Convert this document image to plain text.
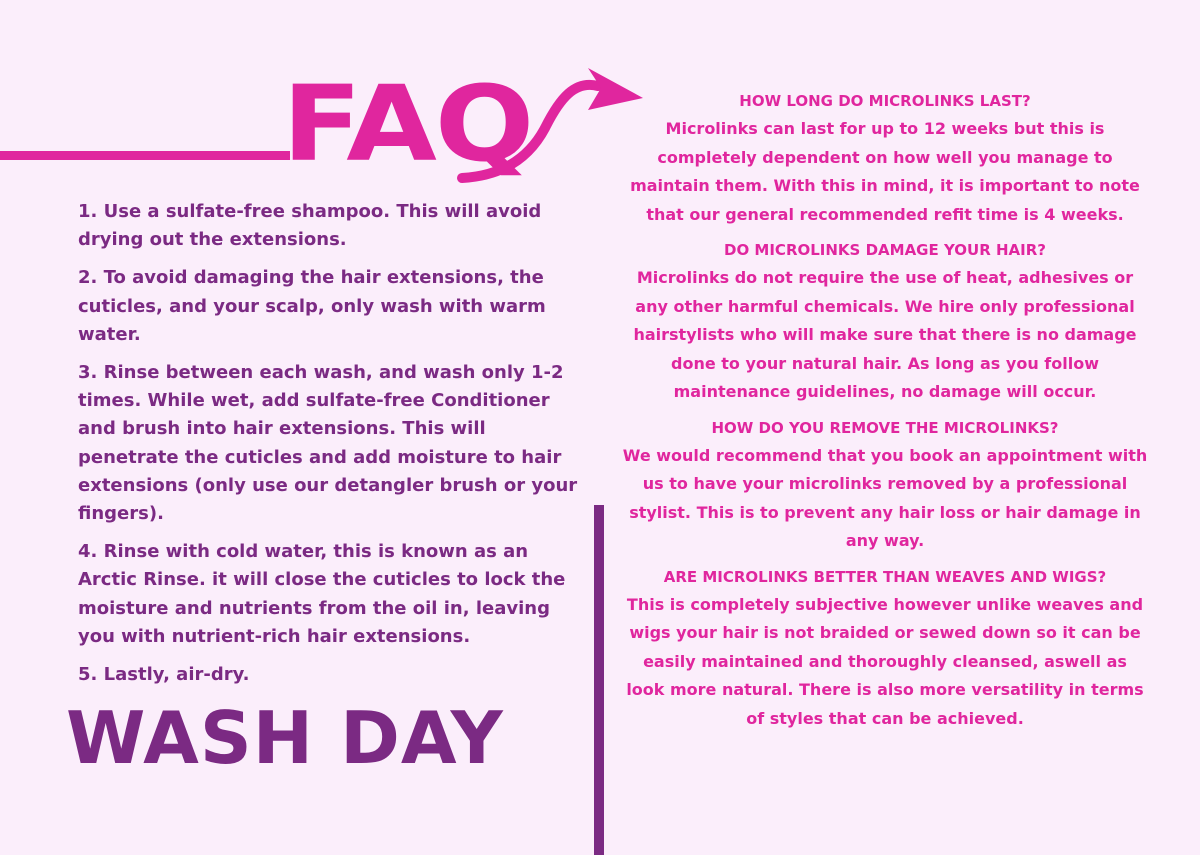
FAQ

1. Use a sulfate-free shampoo. This will avoid drying out the extensions.

2. To avoid damaging the hair extensions, the cuticles, and your scalp, only wash with warm water.

3. Rinse between each wash, and wash only 1-2 times. While wet, add sulfate-free Conditioner and brush into hair extensions. This will penetrate the cuticles and add moisture to hair extensions (only use our detangler brush or your fingers).

4. Rinse with cold water, this is known as an Arctic Rinse. it will close the cuticles to lock the moisture and nutrients from the oil in, leaving you with nutrient-rich hair extensions.

5. Lastly, air-dry.

WASH DAY
HOW LONG DO MICROLINKS LAST?
Microlinks can last for up to 12 weeks but this is completely dependent on how well you manage to maintain them. With this in mind, it is important to note that our general recommended refit time is 4 weeks.
DO MICROLINKS DAMAGE YOUR HAIR?
Microlinks do not require the use of heat, adhesives or any other harmful chemicals. We hire only professional hairstylists who will make sure that there is no damage done to your natural hair. As long as you follow maintenance guidelines, no damage will occur.
HOW DO YOU REMOVE THE MICROLINKS?
We would recommend that you book an appointment with us to have your microlinks removed by a professional stylist. This is to prevent any hair loss or hair damage in any way.
ARE MICROLINKS BETTER THAN WEAVES AND WIGS?
This is completely subjective however unlike weaves and wigs your hair is not braided or sewed down so it can be easily maintained and thoroughly cleansed, aswell as look more natural. There is also more versatility in terms of styles that can be achieved.
